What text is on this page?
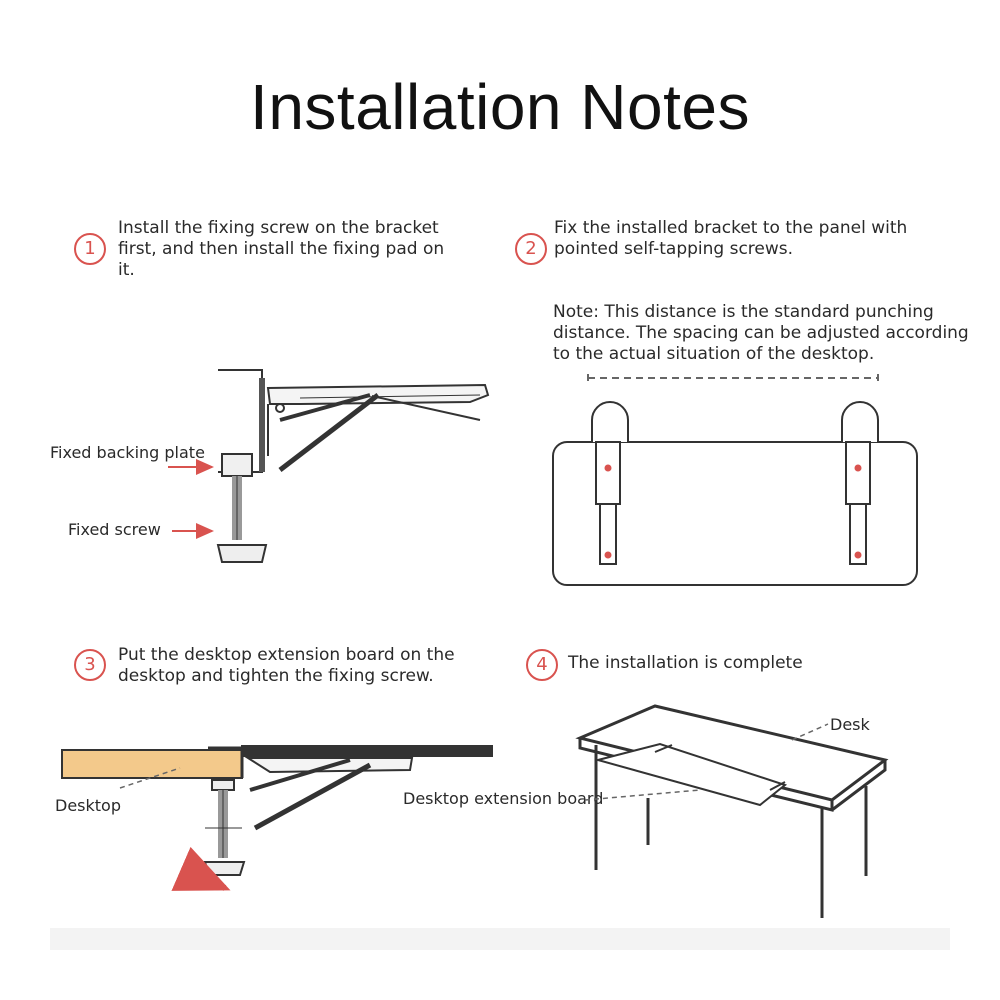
Installation Notes
1
Install the fixing screw on the bracket first, and then install the fixing pad on it.
2
Fix the installed bracket to the panel with pointed self-tapping screws.
Note: This distance is the standard punching distance. The spacing can be adjusted according to the actual situation of the desktop.
3	Put the desktop extension board on the desktop and tighten the fixing screw.
4	The installation is complete
Fixed backing plate
Fixed screw
Desktop	Desktop extension board
Desk
